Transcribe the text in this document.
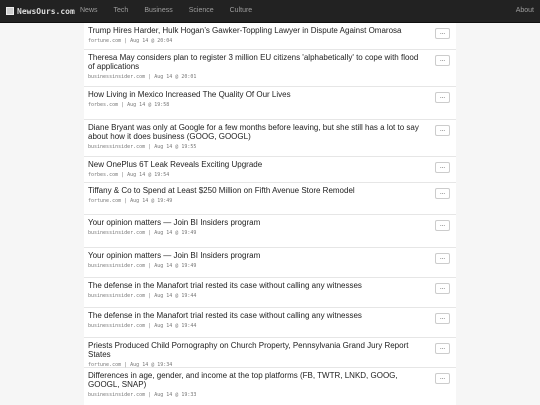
NewsOurs.com News	Tech	Business	Science	Culture	About
Trump Hires Harder, Hulk Hogan’s Gawker-Toppling Lawyer in Dispute Against Omarosa
fortune.com | Aug 14 @ 20:04
...
Theresa May considers plan to register 3 million EU citizens 'alphabetically' to cope with flood of applications
businessinsider.com | Aug 14 @ 20:01
...
How Living in Mexico Increased The Quality Of Our Lives
forbes.com | Aug 14 @ 19:58
...
Diane Bryant was only at Google for a few months before leaving, but she still has a lot to say about how it does business (GOOG, GOOGL)
businessinsider.com | Aug 14 @ 19:55
...
New OnePlus 6T Leak Reveals Exciting Upgrade
forbes.com | Aug 14 @ 19:54
...
Tiffany & Co to Spend at Least $250 Million on Fifth Avenue Store Remodel
fortune.com | Aug 14 @ 19:49
...
Your opinion matters — Join BI Insiders program
businessinsider.com | Aug 14 @ 19:49
...
Your opinion matters — Join BI Insiders program
businessinsider.com | Aug 14 @ 19:49
...
The defense in the Manafort trial rested its case without calling any witnesses
businessinsider.com | Aug 14 @ 19:44
...
The defense in the Manafort trial rested its case without calling any witnesses
businessinsider.com | Aug 14 @ 19:44
...
Priests Produced Child Pornography on Church Property, Pennsylvania Grand Jury Report States
fortune.com | Aug 14 @ 19:34
...
Differences in age, gender, and income at the top platforms (FB, TWTR, LNKD, GOOG, GOOGL, SNAP)
businessinsider.com | Aug 14 @ 19:33
...
